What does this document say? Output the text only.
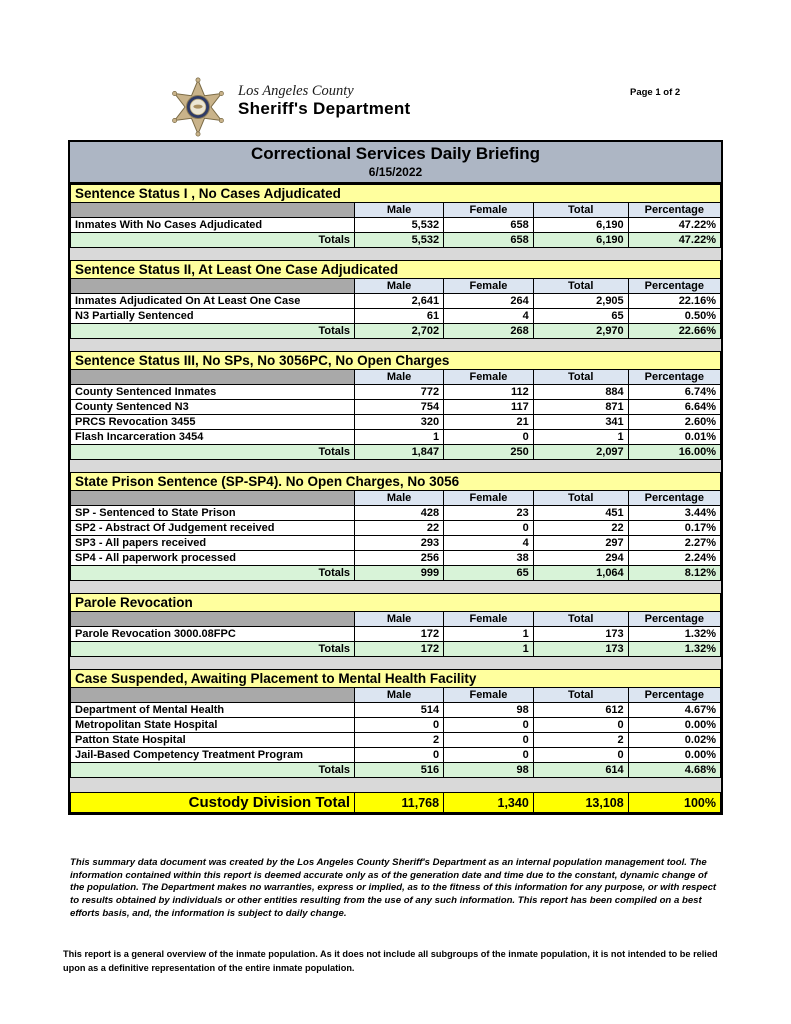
Los Angeles County
Sheriff's Department
Page 1 of 2
Correctional Services Daily Briefing
6/15/2022
Sentence Status I , No Cases Adjudicated				
	Male	Female	Total	Percentage
Inmates With No Cases Adjudicated	5,532	658	6,190	47.22%
Totals	5,532	658	6,190	47.22%
Sentence Status II, At Least One Case Adjudicated				
	Male	Female	Total	Percentage
Inmates Adjudicated On At Least One Case	2,641	264	2,905	22.16%
N3 Partially Sentenced	61	4	65	0.50%
Totals	2,702	268	2,970	22.66%
Sentence Status III, No SPs, No 3056PC, No Open Charges				
	Male	Female	Total	Percentage
County Sentenced Inmates	772	112	884	6.74%
County Sentenced N3	754	117	871	6.64%
PRCS Revocation 3455	320	21	341	2.60%
Flash Incarceration 3454	1	0	1	0.01%
Totals	1,847	250	2,097	16.00%
State Prison Sentence (SP-SP4). No Open Charges, No 3056				
	Male	Female	Total	Percentage
SP - Sentenced to State Prison	428	23	451	3.44%
SP2 - Abstract Of Judgement received	22	0	22	0.17%
SP3 - All papers received	293	4	297	2.27%
SP4 - All paperwork processed	256	38	294	2.24%
Totals	999	65	1,064	8.12%
Parole Revocation				
	Male	Female	Total	Percentage
Parole Revocation 3000.08FPC	172	1	173	1.32%
Totals	172	1	173	1.32%
Case Suspended, Awaiting Placement to Mental Health Facility				
	Male	Female	Total	Percentage
Department of Mental Health	514	98	612	4.67%
Metropolitan State Hospital	0	0	0	0.00%
Patton State Hospital	2	0	2	0.02%
Jail-Based Competency Treatment Program	0	0	0	0.00%
Totals	516	98	614	4.68%
Custody Division Total	11,768	1,340	13,108	100%

This summary data document was created by the Los Angeles County Sheriff's Department as an internal population management tool. The information contained within this report is deemed accurate only as of the generation date and time due to the constant, dynamic change of the population. The Department makes no warranties, express or implied, as to the fitness of this information for any purpose, or with respect to results obtained by individuals or other entities resulting from the use of any such information. This report has been compiled on a best efforts basis, and, the information is subject to daily change.

This report is a general overview of the inmate population. As it does not include all subgroups of the inmate population, it is not intended to be relied upon as a definitive representation of the entire inmate population.
